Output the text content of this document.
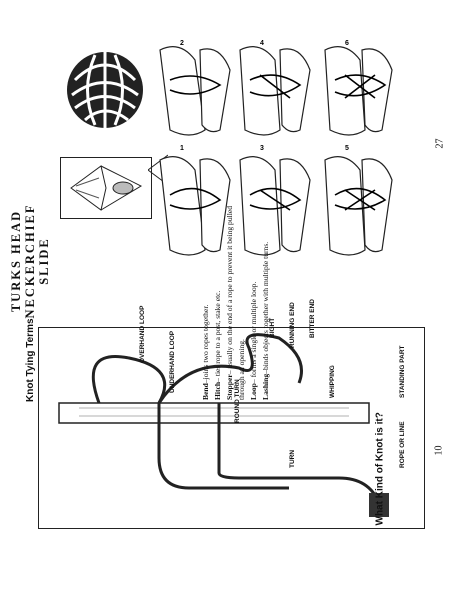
TURKS HEAD NECKERCHIEF SLIDE
27
10
1
2
3
4
5
6
Knot Tying Terms	OVERHAND LOOP	UNDERHAND LOOP
ROUND TURN
TURN
BIGHT RUNNING END BITTER END
WHIPPING	STANDING PART
ROPE OR LINE
What Kind of Knot is it?
Bend–joins two ropes together.
Hitch– ties rope to a post, stake etc.
Stopper– usually on the end of a rope to prevent it being pulled through an opening. Loop– forms a single or multiple loop.
Lashing–binds objects together with multiple turns.
